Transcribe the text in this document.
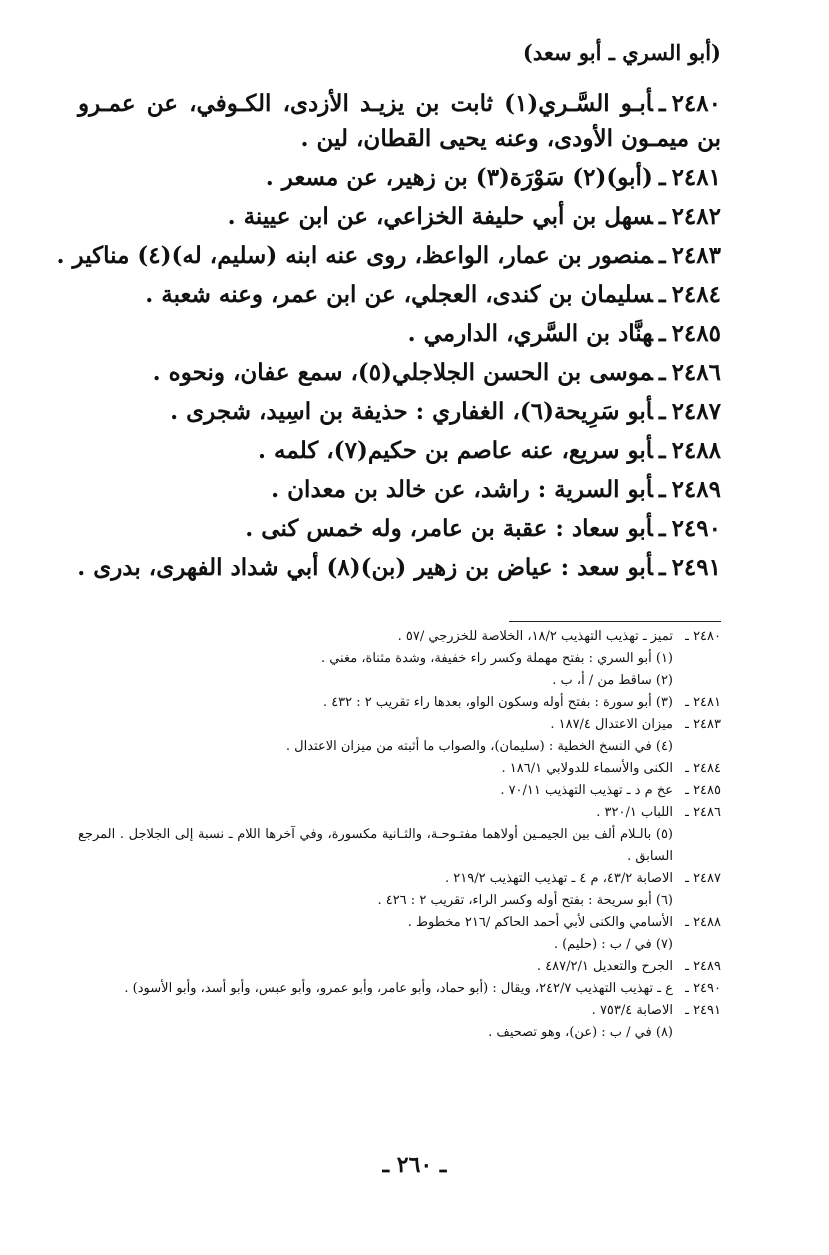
(أبو السري ـ أبو سعد)
٢٤٨٠ـأبـو السَّـري(١) ثابت بن يزيـد الأزدى، الكـوفي، عن عمـرو بن ميمـون الأودى، وعنه يحيى القطان، لين .
٢٤٨١ـ(أبو)(٢) سَوْرَة(٣) بن زهير، عن مسعر .
٢٤٨٢ـسهل بن أبي حليفة الخزاعي، عن ابن عيينة .
٢٤٨٣ـمنصور بن عمار، الواعظ، روى عنه ابنه (سليم، له)(٤) مناكير .
٢٤٨٤ـسليمان بن كندى، العجلي، عن ابن عمر، وعنه شعبة .
٢٤٨٥ـهنَّاد بن السَّري، الدارمي .
٢٤٨٦ـموسى بن الحسن الجلاجلي(٥)، سمع عفان، ونحوه .
٢٤٨٧ـأبو سَرِيحة(٦)، الغفاري : حذيفة بن اسِيد، شجرى .
٢٤٨٨ـأبو سريع، عنه عاصم بن حكيم(٧)، كلمه .
٢٤٨٩ـأبو السرية : راشد، عن خالد بن معدان .
٢٤٩٠ـأبو سعاد : عقبة بن عامر، وله خمس كنى .
٢٤٩١ـأبو سعد : عياض بن زهير (بن)(٨) أبي شداد الفهرى، بدرى .
٢٤٨٠ ـ
تميز ـ تهذيب التهذيب ١٨/٢، الخلاصة للخزرجي /٥٧ .
(١) أبو السري : بفتح مهملة وكسر راء خفيفة، وشدة مثناة، مغني .
(٢) ساقط من / أ، ب .
٢٤٨١ ـ
(٣) أبو سورة : بفتح أوله وسكون الواو، بعدها راء تقريب ٢ : ٤٣٢ .
٢٤٨٣ ـ
ميزان الاعتدال ١٨٧/٤ .
(٤) في النسخ الخطية : (سليمان)، والصواب ما أثبته من ميزان الاعتدال .
٢٤٨٤ ـ
الكنى والأسماء للدولابي ١٨٦/١ .
٢٤٨٥ ـ
عخ م د ـ تهذيب التهذيب ٧٠/١١ .
٢٤٨٦ ـ
اللباب ٣٢٠/١ .
(٥) بالـلام ألف بين الجيمـين أولاهما مفتـوحـة، والثـانية مكسورة، وفي آخرها اللام ـ نسبة إلى الجلاجل . المرجع السابق .
٢٤٨٧ ـ
الاصابة ٤٣/٢، م ٤ ـ تهذيب التهذيب ٢١٩/٢ .
(٦) أبو سريحة : بفتح أوله وكسر الراء، تقريب ٢ : ٤٢٦ .
٢٤٨٨ ـ
الأسامي والكنى لأبي أحمد الحاكم /٢١٦ مخطوط .
(٧) في / ب : (حليم) .
٢٤٨٩ ـ
الجرح والتعديل ٤٨٧/٢/١ .
٢٤٩٠ ـ
ع ـ تهذيب التهذيب ٢٤٢/٧، ويقال : (أبو حماد، وأبو عامر، وأبو عمرو، وأبو عبس، وأبو أسد، وأبو الأسود) .
٢٤٩١ ـ
الاصابة ٧٥٣/٤ .
(٨) في / ب : (عن)، وهو تصحيف .
ـ ٢٦٠ ـ
